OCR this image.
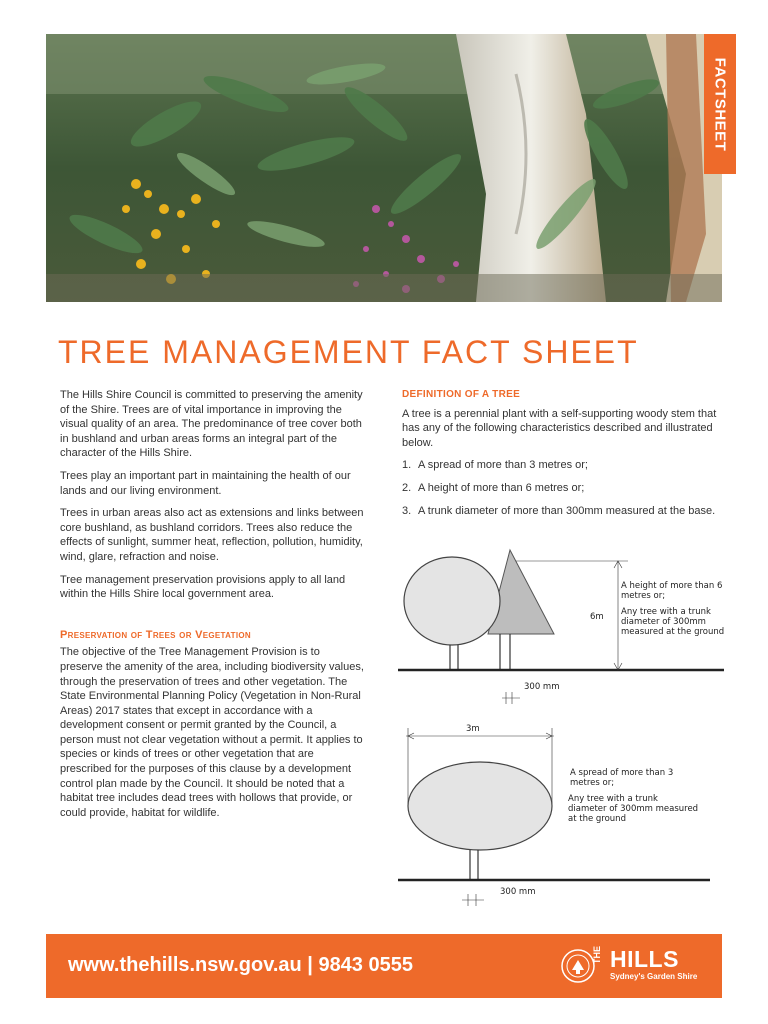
FACTSHEET
TREE MANAGEMENT FACT SHEET

The Hills Shire Council is committed to preserving the amenity of the Shire. Trees are of vital importance in improving the visual quality of an area. The predominance of tree cover both in bushland and urban areas forms an integral part of the character of the Hills Shire.

Trees play an important part in maintaining the health of our lands and our living environment.

Trees in urban areas also act as extensions and links between core bushland, as bushland corridors. Trees also reduce the effects of sunlight, summer heat, reflection, pollution, humidity, wind, glare, refraction and noise.

Tree management preservation provisions apply to all land within the Hills Shire local government area.

Preservation of Trees or Vegetation

The objective of the Tree Management Provision is to preserve the amenity of the area, including biodiversity values, through the preservation of trees and other vegetation. The State Environmental Planning Policy (Vegetation in Non-Rural Areas) 2017 states that except in accordance with a development consent or permit granted by the Council, a person must not clear vegetation without a permit. It applies to species or kinds of trees or other vegetation that are prescribed for the purposes of this clause by a development control plan made by the Council. It should be noted that a habitat tree includes dead trees with hollows that provide, or could provide, habitat for wildlife.

DEFINITION OF A TREE

A tree is a perennial plant with a self-supporting woody stem that has any of the following characteristics described and illustrated below.

1. A spread of more than 3 metres or;
2. A height of more than 6 metres or;
3. A trunk diameter of more than 300mm measured at the base.
6m
A height of more than 6
metres or;
Any tree with a trunk
diameter of 300mm
measured at the ground
300 mm
3m
A spread of more than 3
metres or;
Any tree with a trunk
diameter of 300mm measured
at the ground
300 mm
www.thehills.nsw.gov.au | 9843 0555	THE HILLS
Sydney's Garden Shire
